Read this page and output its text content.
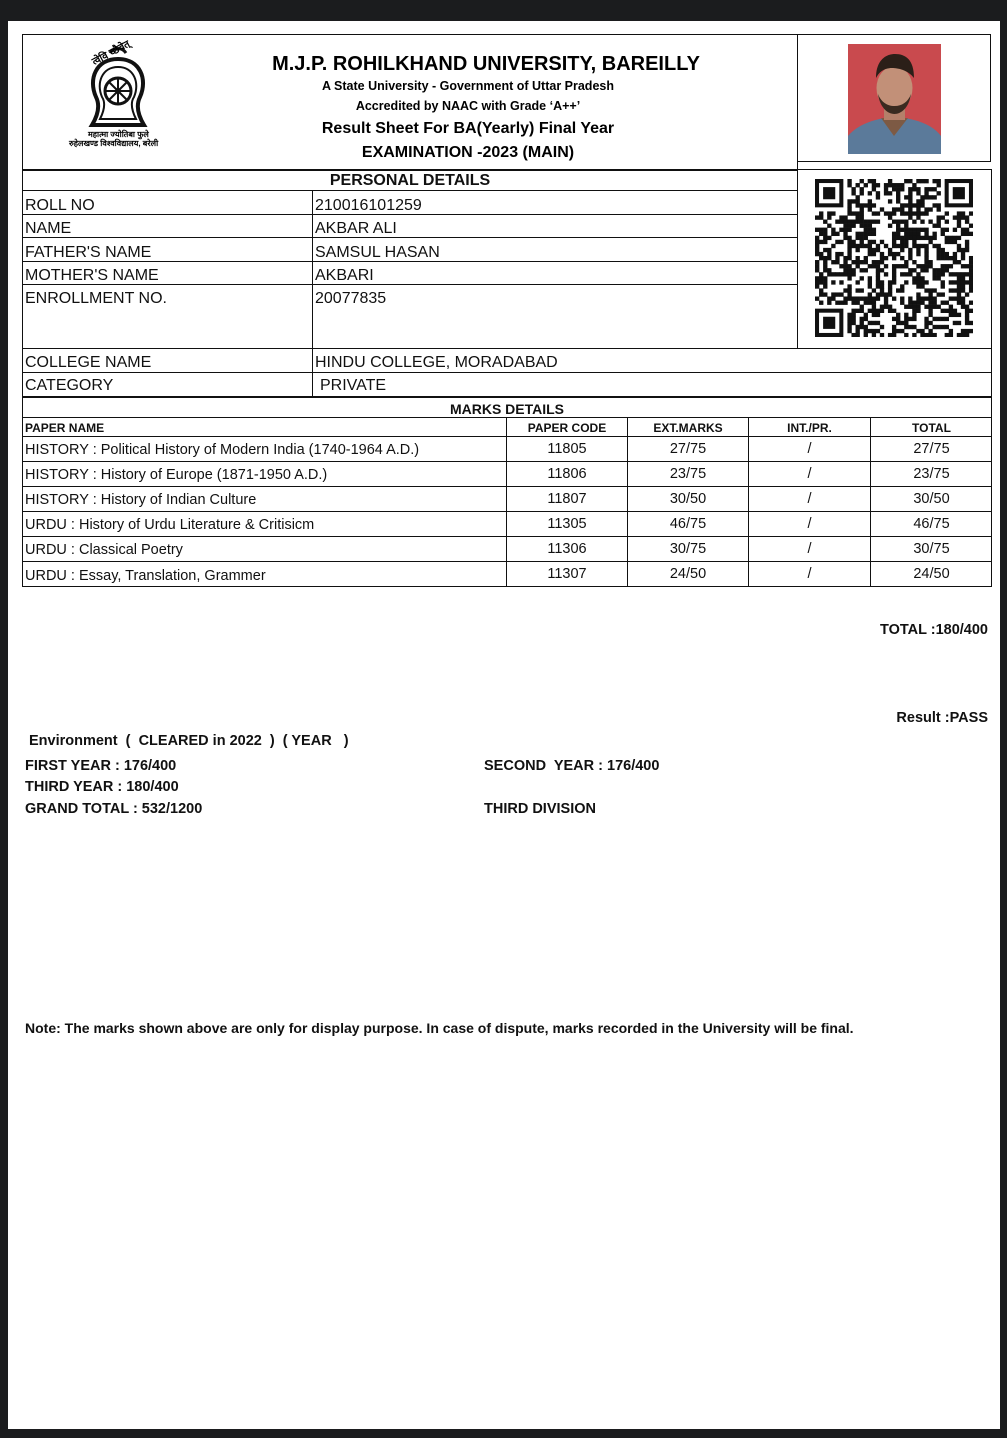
त्वेवि च्छैवेत्
महात्मा ज्योतिबा फुले
रुहेलखण्ड विश्वविद्यालय, बरेली
M.J.P. ROHILKHAND UNIVERSITY, BAREILLY
A State University - Government of Uttar Pradesh
Accredited by NAAC with Grade ‘A++’
Result Sheet For BA(Yearly) Final Year
EXAMINATION -2023 (MAIN)
PERSONAL DETAILS
ROLL NO	210016101259
NAME	AKBAR ALI
FATHER'S NAME	SAMSUL HASAN
MOTHER'S NAME	AKBARI
ENROLLMENT NO.	20077835
COLLEGE NAME	HINDU COLLEGE, MORADABAD
CATEGORY	PRIVATE
MARKS DETAILS
PAPER NAME	PAPER CODE	EXT.MARKS	INT./PR.	TOTAL
HISTORY : Political History of Modern India (1740-1964 A.D.)	11805	27/75	/	27/75
HISTORY : History of Europe (1871-1950 A.D.)	11806	23/75	/	23/75
HISTORY : History of Indian Culture	11807	30/50	/	30/50
URDU : History of Urdu Literature & Critisicm	11305	46/75	/	46/75
URDU : Classical Poetry	11306	30/75	/	30/75
URDU : Essay, Translation, Grammer	11307	24/50	/	24/50
TOTAL :180/400
Result :PASS
Environment  (  CLEARED in 2022  )  ( YEAR   )
FIRST YEAR : 176/400	SECOND  YEAR : 176/400
THIRD YEAR : 180/400
GRAND TOTAL : 532/1200	THIRD DIVISION
Note: The marks shown above are only for display purpose. In case of dispute, marks recorded in the University will be final.
